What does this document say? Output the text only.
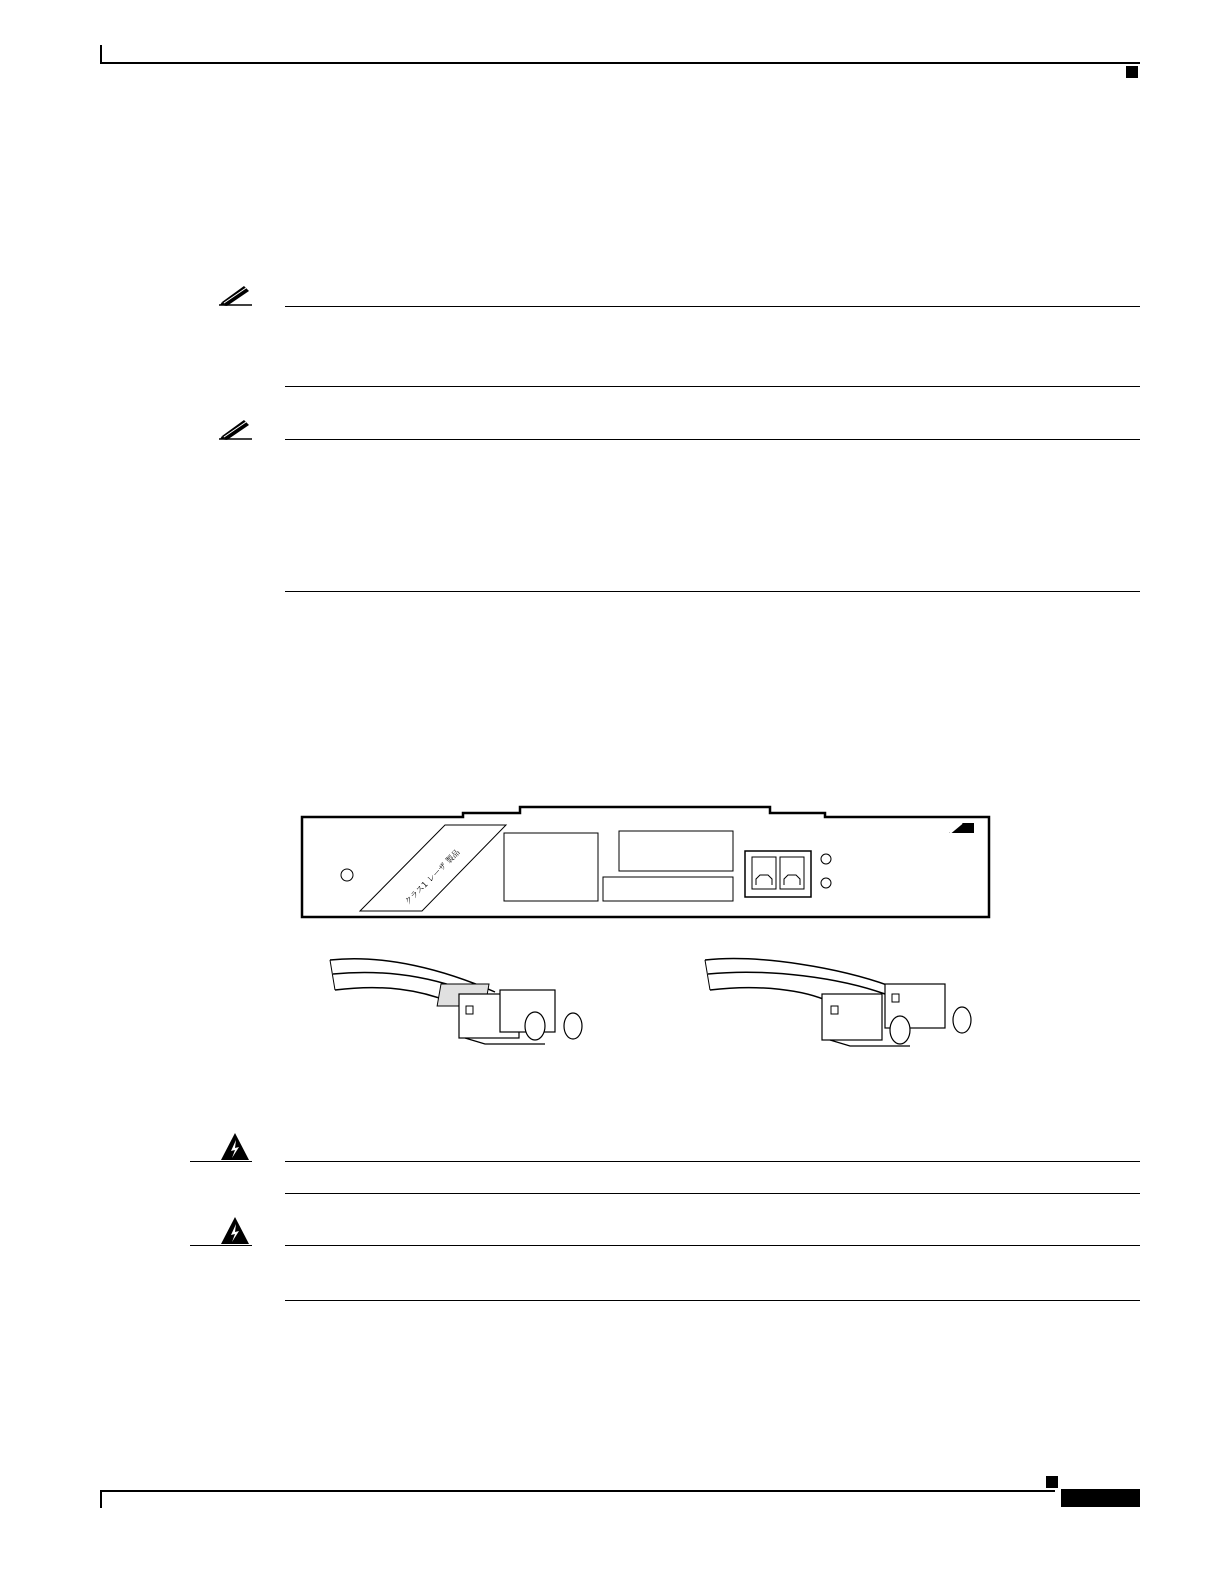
クラス1 レーザ 製品
